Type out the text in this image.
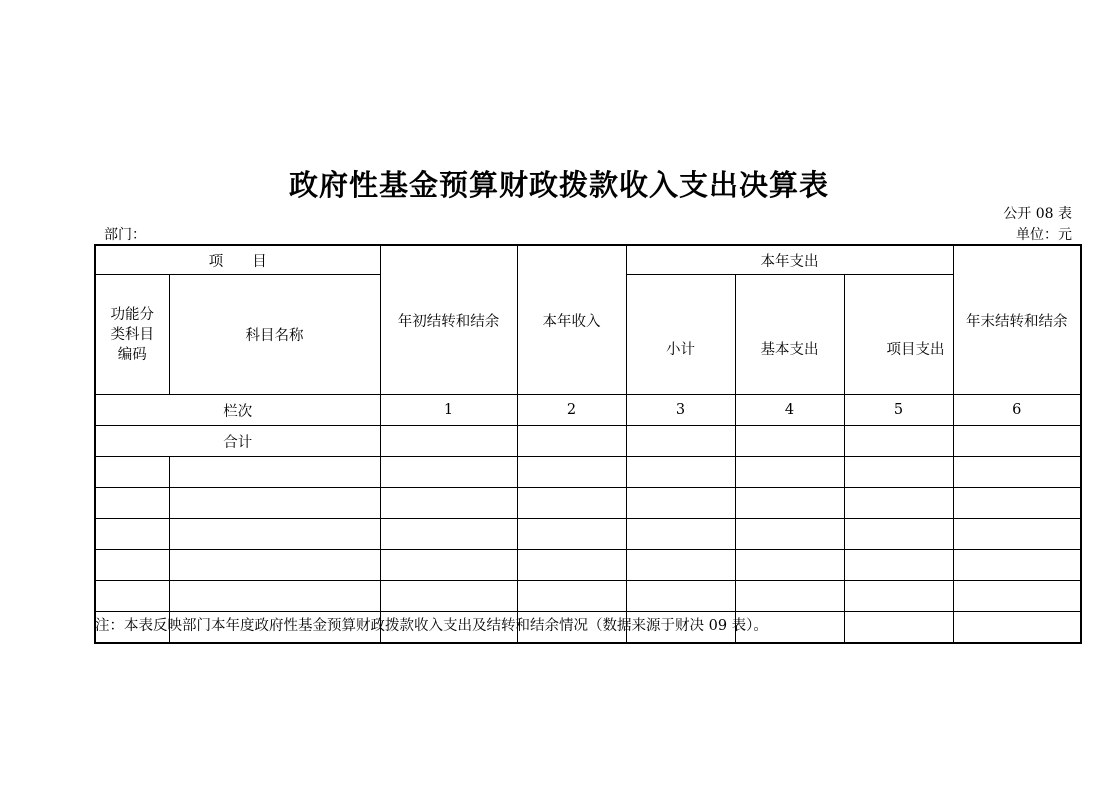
政府性基金预算财政拨款收入支出决算表
公开 08 表
部门：	单位：元
项　　目		年初结转和结余	本年收入	本年支出			年末结转和结余
功能分类科目编码	科目名称			小计	基本支出	项目支出	
栏次		1	2	3	4	5	6
合计							

注：本表反映部门本年度政府性基金预算财政拨款收入支出及结转和结余情况（数据来源于财决 09 表）。
